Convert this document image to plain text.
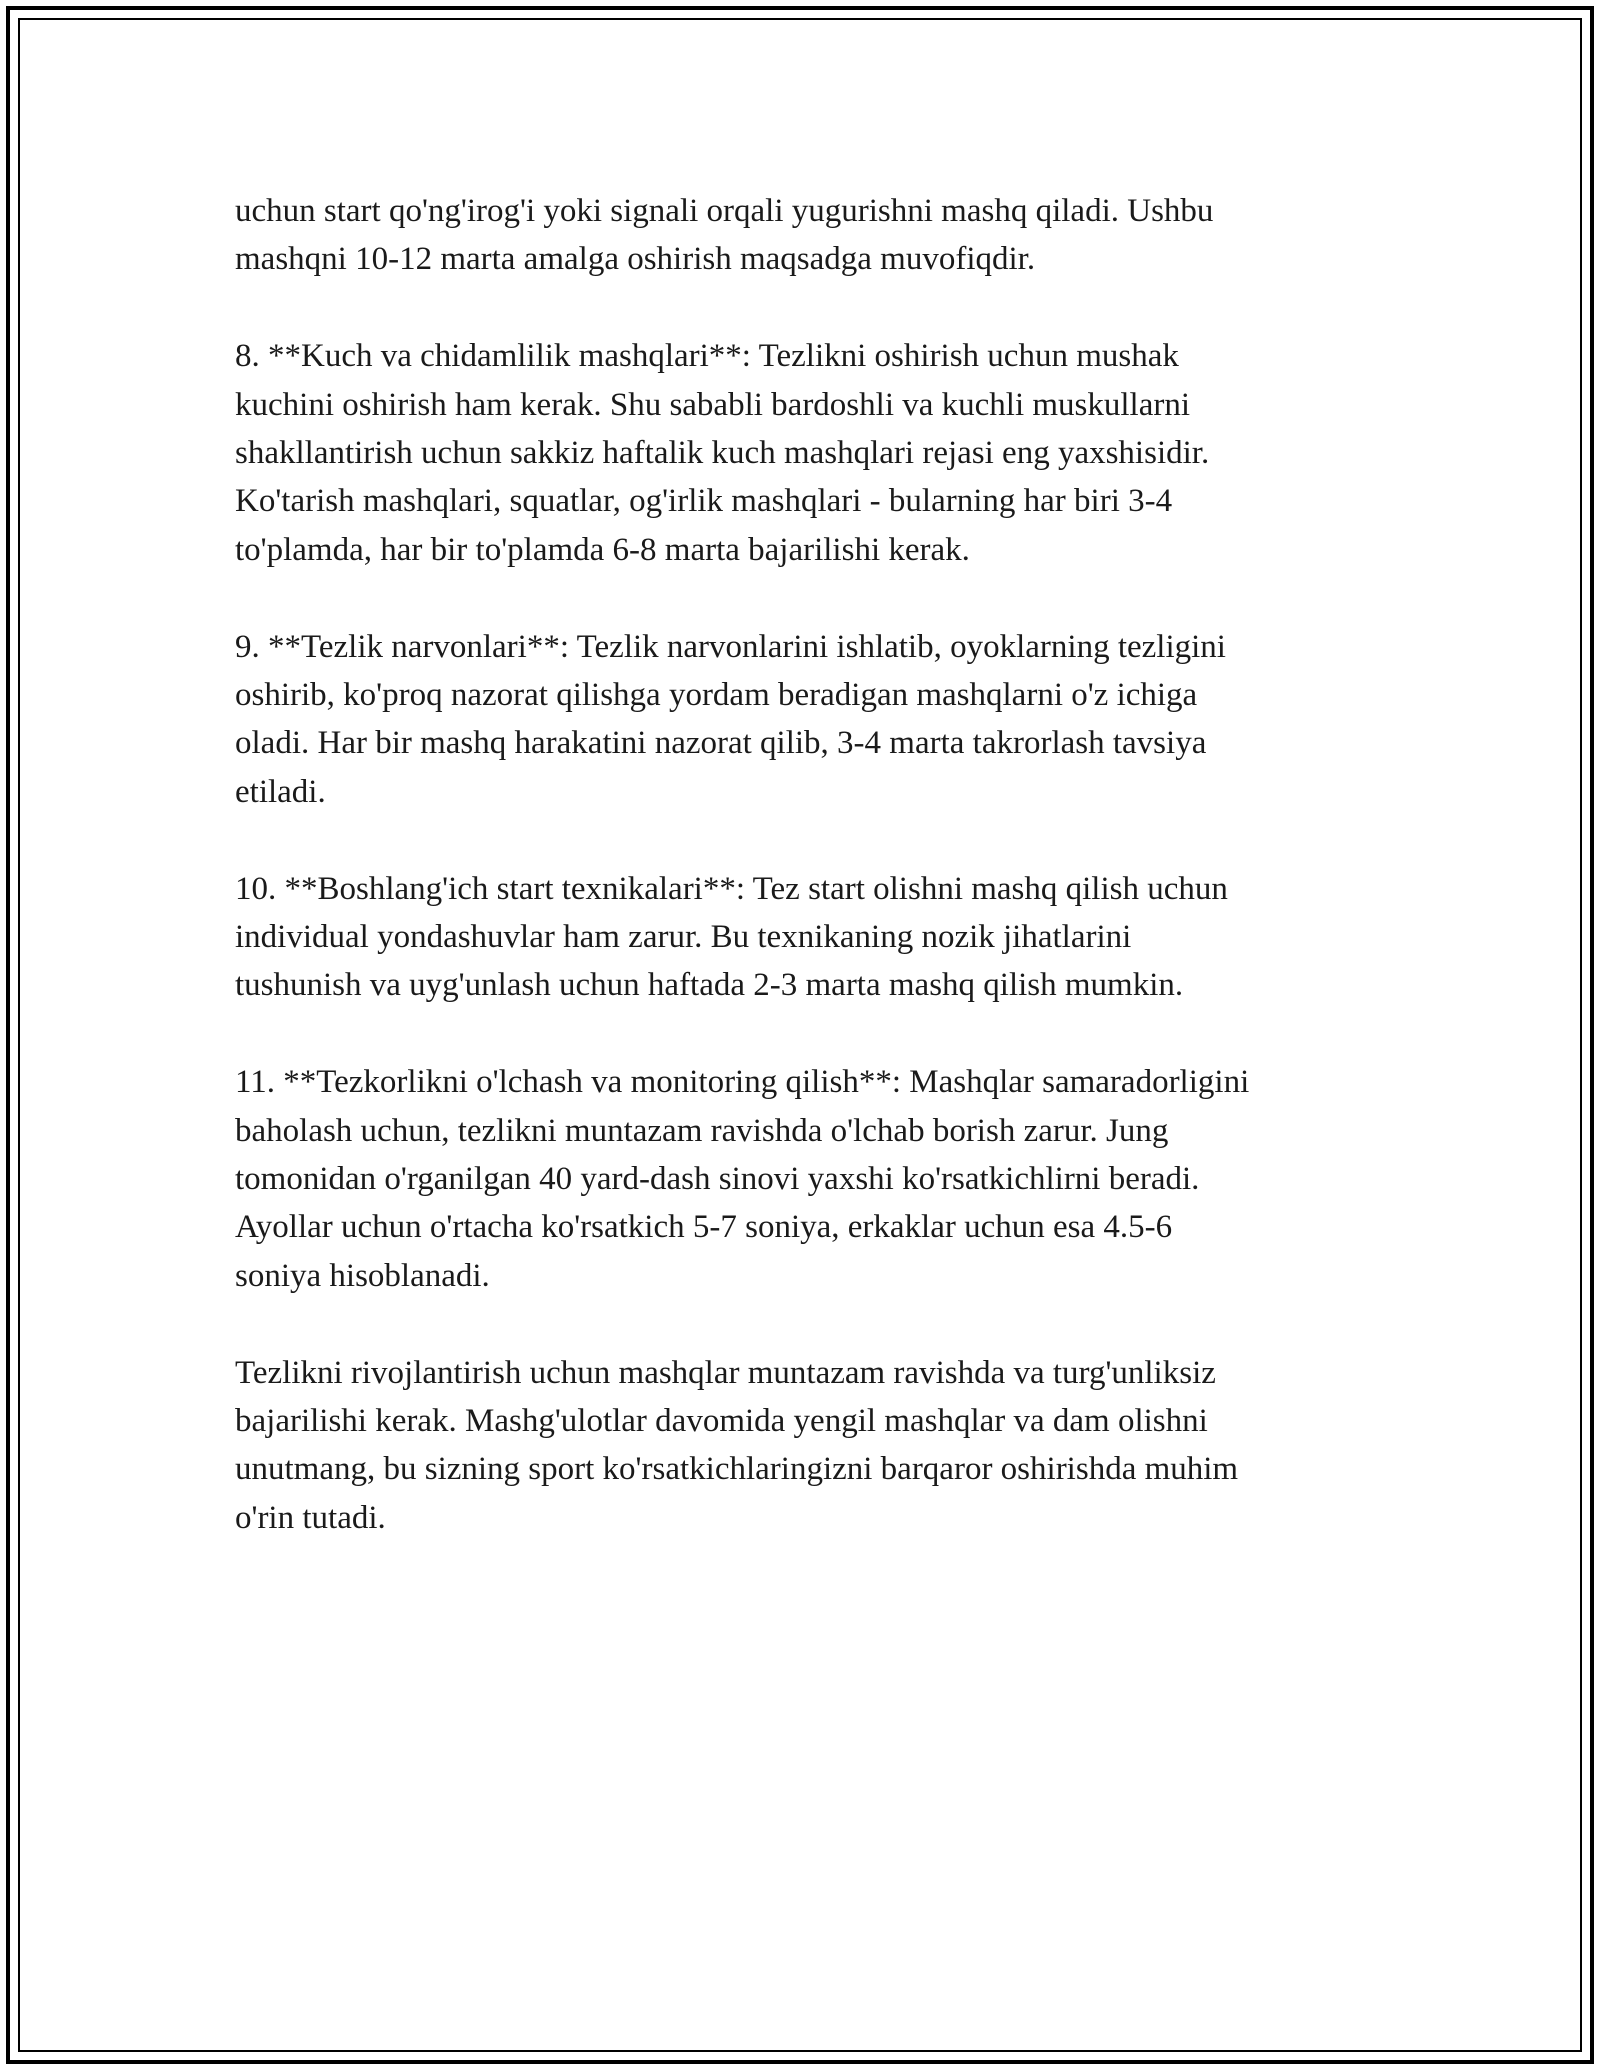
uchun start qo'ng'irog'i yoki signali orqali yugurishni mashq qiladi. Ushbu
mashqni 10-12 marta amalga oshirish maqsadga muvofiqdir.

8. **Kuch va chidamlilik mashqlari**: Tezlikni oshirish uchun mushak
kuchini oshirish ham kerak. Shu sababli bardoshli va kuchli muskullarni
shakllantirish uchun sakkiz haftalik kuch mashqlari rejasi eng yaxshisidir.
Ko'tarish mashqlari, squatlar, og'irlik mashqlari - bularning har biri 3-4
to'plamda, har bir to'plamda 6-8 marta bajarilishi kerak.

9. **Tezlik narvonlari**: Tezlik narvonlarini ishlatib, oyoklarning tezligini
oshirib, ko'proq nazorat qilishga yordam beradigan mashqlarni o'z ichiga
oladi. Har bir mashq harakatini nazorat qilib, 3-4 marta takrorlash tavsiya
etiladi.

10. **Boshlang'ich start texnikalari**: Tez start olishni mashq qilish uchun
individual yondashuvlar ham zarur. Bu texnikaning nozik jihatlarini
tushunish va uyg'unlash uchun haftada 2-3 marta mashq qilish mumkin.

11. **Tezkorlikni o'lchash va monitoring qilish**: Mashqlar samaradorligini
baholash uchun, tezlikni muntazam ravishda o'lchab borish zarur. Jung
tomonidan o'rganilgan 40 yard-dash sinovi yaxshi ko'rsatkichlirni beradi.
Ayollar uchun o'rtacha ko'rsatkich 5-7 soniya, erkaklar uchun esa 4.5-6
soniya hisoblanadi.

Tezlikni rivojlantirish uchun mashqlar muntazam ravishda va turg'unliksiz
bajarilishi kerak. Mashg'ulotlar davomida yengil mashqlar va dam olishni
unutmang, bu sizning sport ko'rsatkichlaringizni barqaror oshirishda muhim
o'rin tutadi.
